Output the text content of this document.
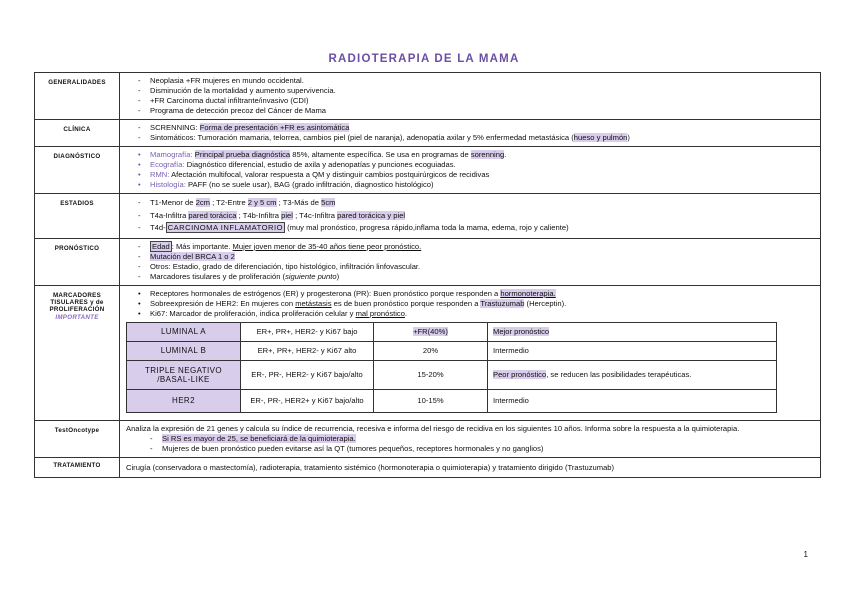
RADIOTERAPIA DE LA MAMA
GENERALIDADES	
-Neoplasia +FR mujeres en mundo occidental.
- Disminución de la mortalidad y aumento supervivencia.
- +FR Carcinoma ductal infiltrante/invasivo (CDI)
- Programa de detección precoz del Cáncer de Mama

CLÍNICA	
-SCRENNING: Forma de presentación +FR es asintomática
- Sintomáticos: Tumoración mamaria, telorrea, cambios piel (piel de naranja), adenopatía axilar y 5% enfermedad metastásica (hueso y pulmón)

DIAGNÓSTICO	
•Mamografía: Principal prueba diagnóstica 85%, altamente específica. Se usa en programas de sorenning.
• Ecografía: Diagnóstico diferencial, estudio de axila y adenopatías y punciones ecoguiadas.
• RMN: Afectación multifocal, valorar respuesta a QM y distinguir cambios postquirúrgicos de recidivas
• Histología: PAFF (no se suele usar), BAG (grado infiltración, diagnostico histológico)

ESTADIOS	
-T1-Menor de 2cm ; T2-Entre 2 y 5 cm ; T3-Más de 5cm
- T4a-Infiltra pared torácica ; T4b-Infiltra piel ; T4c-Infiltra pared torácica y piel
- T4d- CARCINOMA INFLAMATORIO (muy mal pronóstico, progresa rápido,inflama toda la mama, edema, rojo y caliente)

PRONÓSTICO	
-Edad : Más importante. Mujer joven menor de 35-40 años tiene peor pronóstico.
- Mutación del BRCA 1 o 2
- Otros: Estadio, grado de diferenciación, tipo histológico, infiltración linfovascular.
- Marcadores tisulares y de proliferación (siguiente punto)

MARCADORES TISULARES y de PROLIFERACIÓN
IMPORTANTE

• Receptores hormonales de estrógenos (ER) y progesterona (PR): Buen pronóstico porque responden a hormonoterapia.
• Sobreexpresión de HER2: En mujeres con metástasis es de buen pronóstico porque responden a Trastuzumab (Herceptin).
• Ki67: Marcador de proliferación, indica proliferación celular y mal pronóstico.
LUMINAL A	ER+, PR+, HER2- y Ki67 bajo	+FR(40%)	Mejor pronóstico
LUMINAL B	ER+, PR+, HER2- y Ki67 alto	20%	Intermedio
TRIPLE NEGATIVO /BASAL-LIKE	ER-, PR-, HER2- y Ki67 bajo/alto	15-20%	Peor pronóstico, se reducen las posibilidades terapéuticas.
HER2	ER-, PR-, HER2+ y Ki67 bajo/alto	10-15%	Intermedio

TestOncotype	Analiza la expresión de 21 genes y calcula su índice de recurrencia, recesiva e informa del riesgo de recidiva en los siguientes 10 años. Informa sobre la respuesta a la quimioterapia.
- Si RS es mayor de 25, se beneficiará de la quimioterapia.
- Mujeres de buen pronóstico pueden evitarse así la QT (tumores pequeños, receptores hormonales y no ganglios)

TRATAMIENTO	Cirugía (conservadora o mastectomía), radioterapia, tratamiento sistémico (hormonoterapia o quimioterapia) y tratamiento dirigido (Trastuzumab)
1
